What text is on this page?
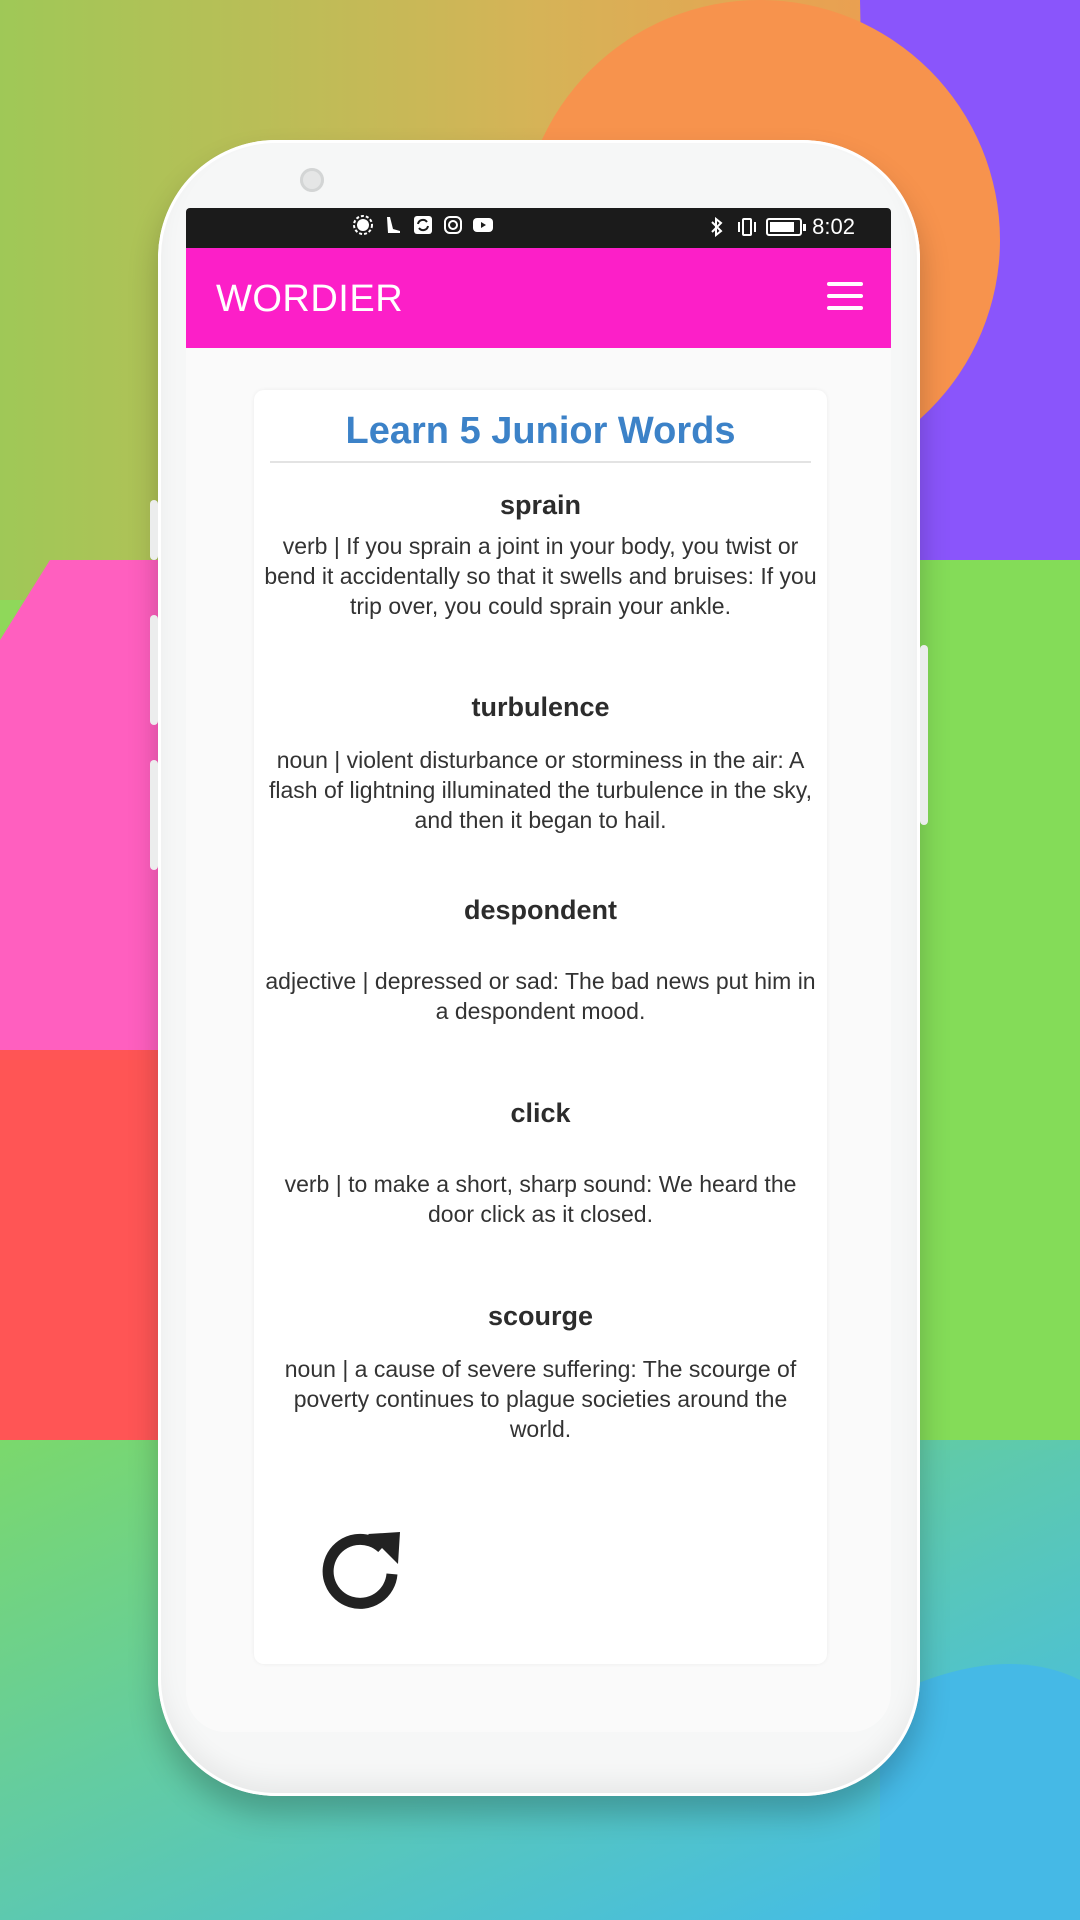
8:02
WORDIER
Learn 5 Junior Words
sprain
verb | If you sprain a joint in your body, you twist or bend it accidentally so that it swells and bruises: If you trip over, you could sprain your ankle.
turbulence
noun | violent disturbance or storminess in the air: A flash of lightning illuminated the turbulence in the sky, and then it began to hail.
despondent
adjective | depressed or sad: The bad news put him in a despondent mood.
click
verb | to make a short, sharp sound: We heard the door click as it closed.
scourge
noun | a cause of severe suffering: The scourge of poverty continues to plague societies around the world.
